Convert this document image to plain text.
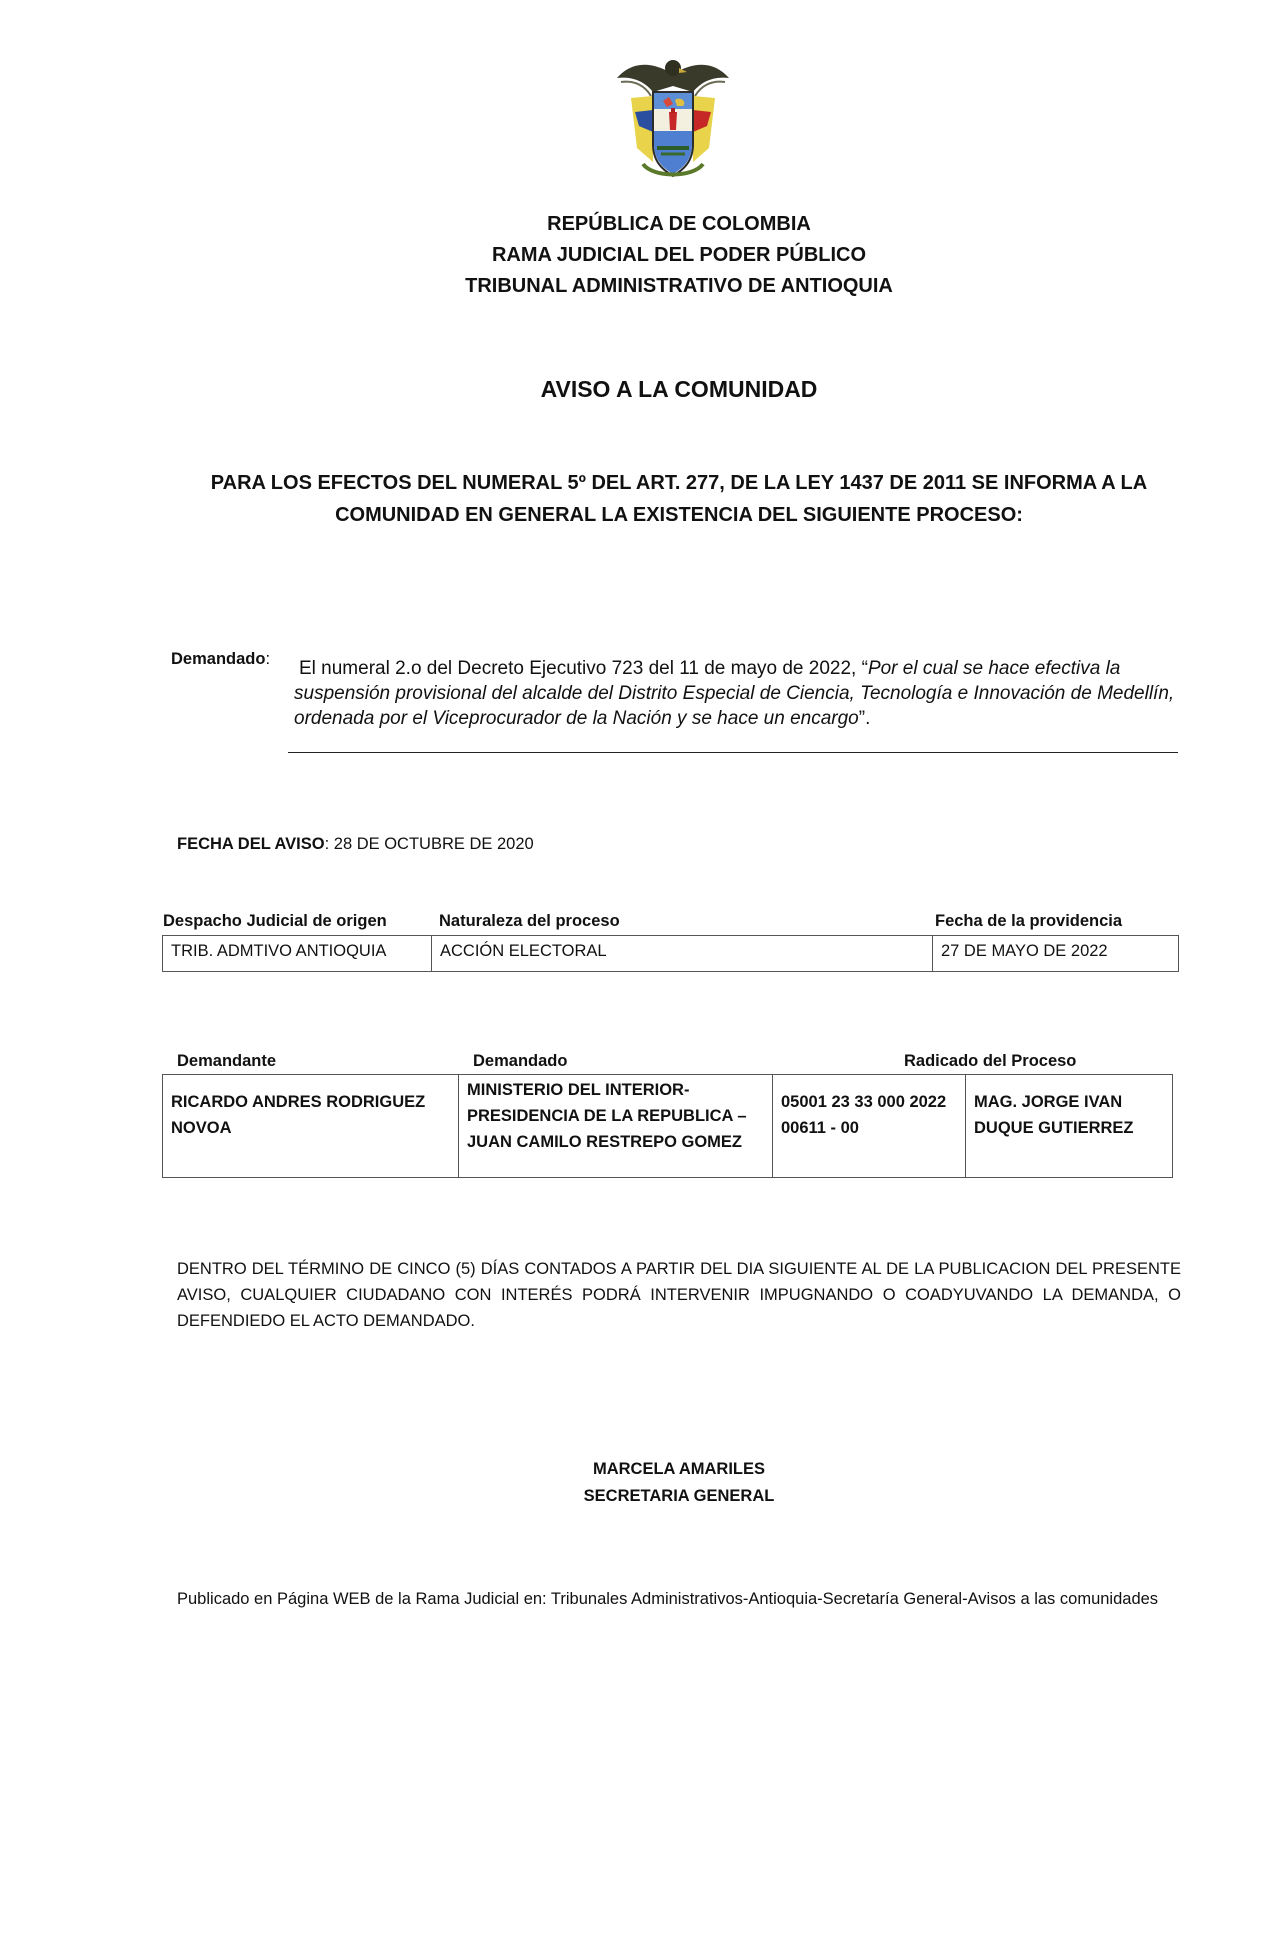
REPÚBLICA DE COLOMBIA
RAMA JUDICIAL DEL PODER PÚBLICO
TRIBUNAL ADMINISTRATIVO DE ANTIOQUIA
AVISO A LA COMUNIDAD
PARA LOS EFECTOS DEL NUMERAL 5º DEL ART. 277, DE LA LEY 1437 DE 2011 SE INFORMA A LA
COMUNIDAD EN GENERAL LA EXISTENCIA DEL SIGUIENTE PROCESO:
Demandado: El numeral 2.o del Decreto Ejecutivo 723 del 11 de mayo de 2022, “Por el cual se hace efectiva la suspensión provisional del alcalde del Distrito Especial de Ciencia, Tecnología e Innovación de Medellín, ordenada por el Viceprocurador de la Nación y se hace un encargo”.
FECHA DEL AVISO: 28 DE OCTUBRE DE 2020
Despacho Judicial de origen	Naturaleza del proceso	Fecha de la providencia
TRIB. ADMTIVO ANTIOQUIA	ACCIÓN ELECTORAL	27 DE MAYO DE 2022
Demandante	Demandado	Radicado del Proceso
RICARDO ANDRES RODRIGUEZ NOVOA	MINISTERIO DEL INTERIOR- PRESIDENCIA DE LA REPUBLICA – JUAN CAMILO RESTREPO GOMEZ	05001 23 33 000 2022 00611 - 00	MAG. JORGE IVAN DUQUE GUTIERREZ
DENTRO DEL TÉRMINO DE CINCO (5) DÍAS CONTADOS A PARTIR DEL DIA SIGUIENTE AL DE LA PUBLICACION DEL PRESENTE AVISO, CUALQUIER CIUDADANO CON INTERÉS PODRÁ INTERVENIR IMPUGNANDO O COADYUVANDO LA DEMANDA, O DEFENDIEDO EL ACTO DEMANDADO.
MARCELA AMARILES
SECRETARIA GENERAL
Publicado en Página WEB de la Rama Judicial en: Tribunales Administrativos-Antioquia-Secretaría General-Avisos a las comunidades
